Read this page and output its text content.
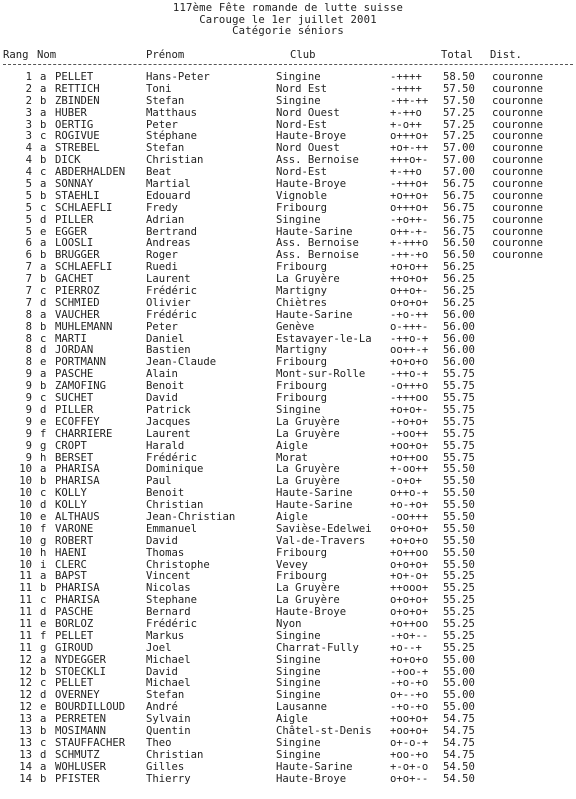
117ème Fête romande de lutte suisse
Carouge le 1er juillet 2001
Catégorie séniors
Rang Nom	Prénom	Club	Total Dist.
1 a PELLET	Hans-Peter	Singine	-++++ 58.50 couronne
2 a RETTICH	Toni	Nord Est	-++++ 57.50 couronne
2 b ZBINDEN	Stefan	Singine	-++-++ 57.50 couronne
3 a HUBER	Matthaus	Nord Ouest	+-++o 57.25 couronne
3 b OERTIG	Peter	Nord-Est	+-o++ 57.25 couronne
3 c ROGIVUE	Stéphane	Haute-Broye	o+++o+ 57.25 couronne
4 a STREBEL	Stefan	Nord Ouest	+o+-++ 57.00 couronne
4 b DICK	Christian	Ass. Bernoise	+++o+- 57.00 couronne
4 c ABDERHALDEN Beat	Nord-Est	+-++o 57.00 couronne
5 a SONNAY	Martial	Haute-Broye	-+++o+ 56.75 couronne
5 b STAEHLI	Edouard	Vignoble	+o++o+ 56.75 couronne
5 c SCHLAEFLI	Fredy	Fribourg	o+++o+ 56.75 couronne
5 d PILLER	Adrian	Singine	-+o++- 56.75 couronne
5 e EGGER	Bertrand	Haute-Sarine	o++-+- 56.75 couronne
6 a LOOSLI	Andreas	Ass. Bernoise	+-+++o 56.50 couronne
6 b BRUGGER	Roger	Ass. Bernoise	-++-+o 56.50 couronne
7 a SCHLAEFLI	Ruedi	Fribourg	+o+o++ 56.25
7 b GACHET	Laurent	La Gruyère	++o+o+ 56.25
7 c PIERROZ	Frédéric	Martigny	o++o+- 56.25
7 d SCHMIED	Olivier	Chiètres	o+o+o+ 56.25
8 a VAUCHER	Frédéric	Haute-Sarine	-+o-++ 56.00
8 b MUHLEMANN	Peter	Genève	o-+++- 56.00
8 c MARTI	Daniel	Estavayer-le-La -++o-+ 56.00
8 d JORDAN	Bastien	Martigny	oo++-+ 56.00
8 e PORTMANN	Jean-Claude	Fribourg	+o+o+o 56.00
9 a PASCHE	Alain	Mont-sur-Rolle -++o-+ 55.75
9 b ZAMOFING	Benoit	Fribourg	-o+++o 55.75
9 c SUCHET	David	Fribourg	-+++oo 55.75
9 d PILLER	Patrick	Singine	+o+o+- 55.75
9 e ECOFFEY	Jacques	La Gruyère	-+o+o+ 55.75
9 f CHARRIERE	Laurent	La Gruyère	-+oo++ 55.75
9 g CROPT	Harald	Aigle	+oo+o+ 55.75
9 h BERSET	Frédéric	Morat	+o++oo 55.75
10 a PHARISA	Dominique	La Gruyère	+-oo++ 55.50
10 b PHARISA	Paul	La Gruyère	-o+o+ 55.50
10 c KOLLY	Benoit	Haute-Sarine	o++o-+ 55.50
10 d KOLLY	Christian	Haute-Sarine	+o-+o+ 55.50
10 e ALTHAUS	Jean-Christian	Aigle	-oo+++ 55.50
10 f VARONE	Emmanuel	Savièse-Edelwei o+o+o+ 55.50
10 g ROBERT	David	Val-de-Travers +o+o+o 55.50
10 h HAENI	Thomas	Fribourg	+o++oo 55.50
10 i CLERC	Christophe	Vevey	o+o+o+ 55.50
11 a BAPST	Vincent	Fribourg	+o+-o+ 55.25
11 b PHARISA	Nicolas	La Gruyère	++ooo+ 55.25
11 c PHARISA	Stephane	La Gruyère	o+o+o+ 55.25
11 d PASCHE	Bernard	Haute-Broye	o+o+o+ 55.25
11 e BORLOZ	Frédéric	Nyon	+o++oo 55.25
11 f PELLET	Markus	Singine	-+o+-- 55.25
11 g GIROUD	Joel	Charrat-Fully	+o--+ 55.25
12 a NYDEGGER	Michael	Singine	+o+o+o 55.00
12 b STOECKLI	David	Singine	-+oo-+ 55.00
12 c PELLET	Michael	Singine	-+o-+o 55.00
12 d OVERNEY	Stefan	Singine	o+--+o 55.00
12 e BOURDILLOUD André	Lausanne	-+o-+o 55.00
13 a PERRETEN	Sylvain	Aigle	+oo+o+ 54.75
13 b MOSIMANN	Quentin	Châtel-st-Denis +oo+o+ 54.75
13 c STAUFFACHER Theo	Singine	o+-o-+ 54.75
13 d SCHMUTZ	Christian	Singine	+oo-+o 54.75
14 a WOHLUSER	Gilles	Haute-Sarine	+-o+-o 54.50
14 b PFISTER	Thierry	Haute-Broye	o+o+-- 54.50
